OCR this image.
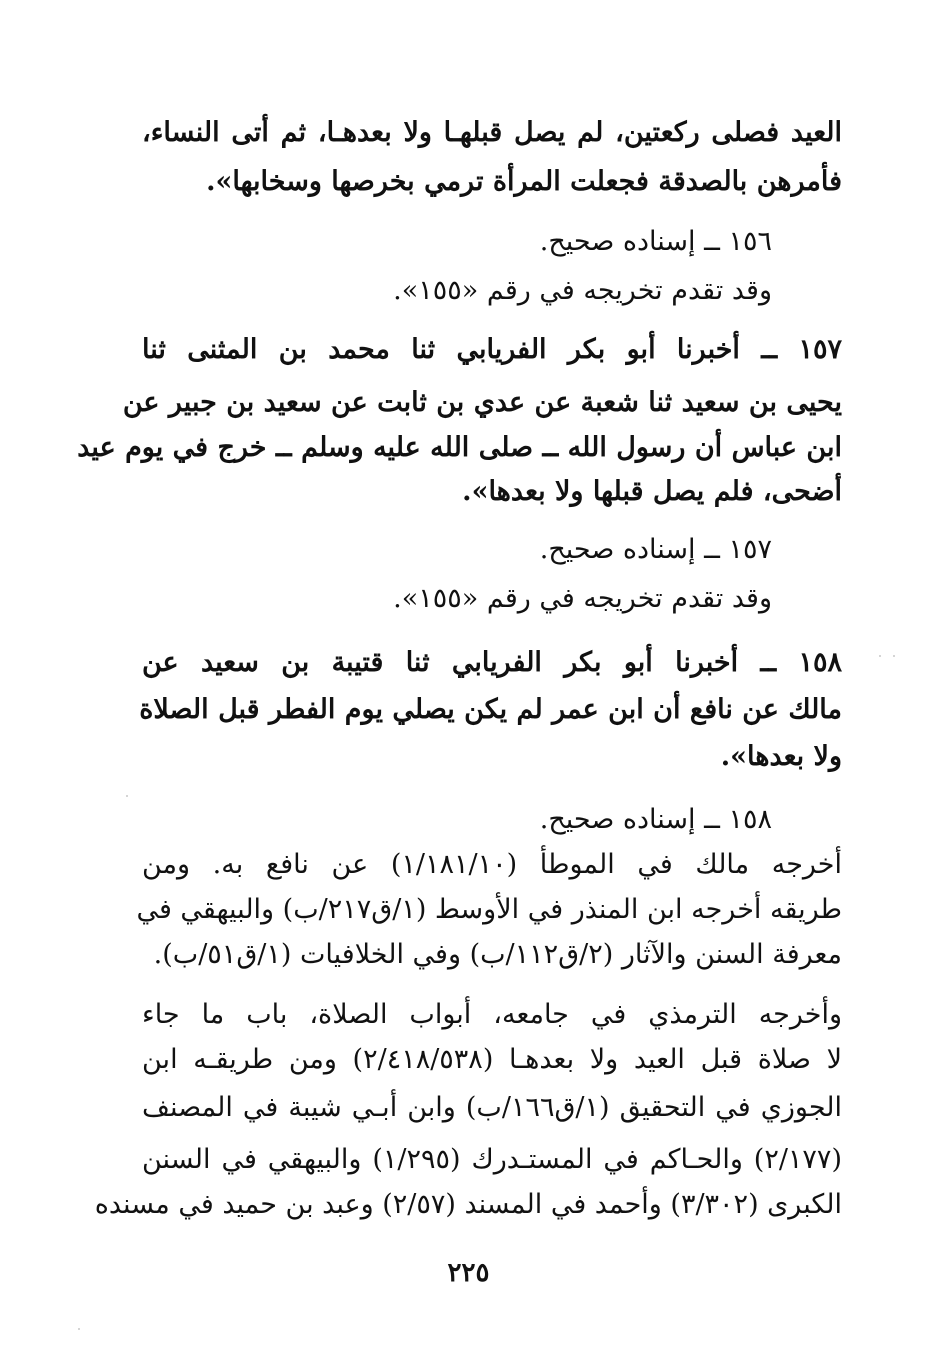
العيد فصلى ركعتين، لم يصل قبلهـا ولا بعدهـا، ثم أتى النساء،
فأمرهن بالصدقة فجعلت المرأة ترمي بخرصها وسخابها».
١٥٦ ــ إسناده صحيح.
وقد تقدم تخريجه في رقم «١٥٥».
١٥٧ ــ أخبرنا أبو بكر الفريابي ثنا محمد بن المثنى ثنا
يحيى بن سعيد ثنا شعبة عن عدي بن ثابت عن سعيد بن جبير عن
ابن عباس أن رسول الله ــ صلى الله عليه وسلم ــ خرج في يوم عيد
أضحى، فلم يصل قبلها ولا بعدها».
١٥٧ ــ إسناده صحيح.
وقد تقدم تخريجه في رقم «١٥٥».
١٥٨ ــ أخبرنا أبو بكر الفريابي ثنا قتيبة بن سعيد عن
مالك عن نافع أن ابن عمر لم يكن يصلي يوم الفطر قبل الصلاة
ولا بعدها».
١٥٨ ــ إسناده صحيح.
أخرجه مالك في الموطأ (١/١٨١/١٠) عن نافع به. ومن
طريقه أخرجه ابن المنذر في الأوسط (١/ق٢١٧/ب) والبيهقي في
معرفة السنن والآثار (٢/ق١١٢/ب) وفي الخلافيات (١/ق٥١/ب).
وأخرجه الترمذي في جامعه، أبواب الصلاة، باب ما جاء
لا صلاة قبل العيد ولا بعدهـا (٢/٤١٨/٥٣٨) ومن طريقـه ابن
الجوزي في التحقيق (١/ق١٦٦/ب) وابن أبـي شيبة في المصنف
(٢/١٧٧) والحـاكم في المستـدرك (١/٢٩٥) والبيهقي في السنن
الكبرى (٣/٣٠٢) وأحمد في المسند (٢/٥٧) وعبد بن حميد في مسنده
٢٢٥
